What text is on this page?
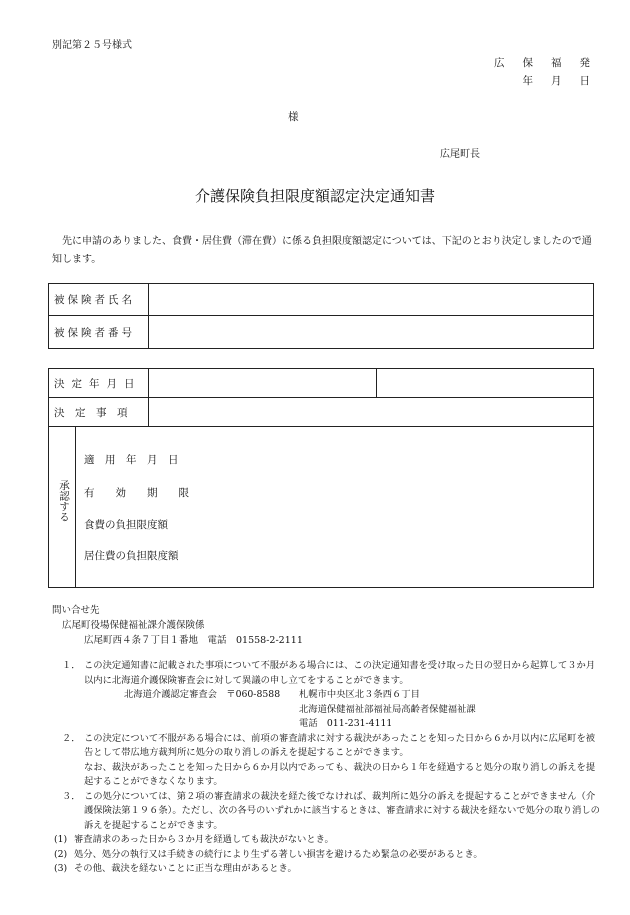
別記第２５号様式
広保福発
年月日
様
広尾町長
介護保険負担限度額認定決定通知書
先に申請のありました、食費・居住費（滞在費）に係る負担限度額認定については、下記のとおり決定しましたので通知します。
被保険者氏名
被保険者番号
決定年月日
決　定　事　項
承認する
適　用　年　月　日
有　　効　　期　　限
食費の負担限度額
居住費の負担限度額
問い合せ先
広尾町役場保健福祉課介護保険係
広尾町西４条７丁目１番地　電話　01558-2-2111
１． この決定通知書に記載された事項について不服がある場合には、この決定通知書を受け取った日の翌日から起算して３か月以内に北海道介護保険審査会に対して異議の申し立てをすることができます。
北海道介護認定審査会　〒060-8588	札幌市中央区北３条西６丁目
北海道保健福祉部福祉局高齢者保健福祉課
電話　011-231-4111
２． この決定について不服がある場合には、前項の審査請求に対する裁決があったことを知った日から６か月以内に広尾町を被告として帯広地方裁判所に処分の取り消しの訴えを提起することができます。
なお、裁決があったことを知った日から６か月以内であっても、裁決の日から１年を経過すると処分の取り消しの訴えを提起することができなくなります。
３． この処分については、第２項の審査請求の裁決を経た後でなければ、裁判所に処分の訴えを提起することができません（介護保険法第１９６条）。ただし、次の各号のいずれかに該当するときは、審査請求に対する裁決を経ないで処分の取り消しの訴えを提起することができます。
(1) 審査請求のあった日から３か月を経過しても裁決がないとき。
(2) 処分、処分の執行又は手続きの続行により生ずる著しい損害を避けるため緊急の必要があるとき。
(3) その他、裁決を経ないことに正当な理由があるとき。
